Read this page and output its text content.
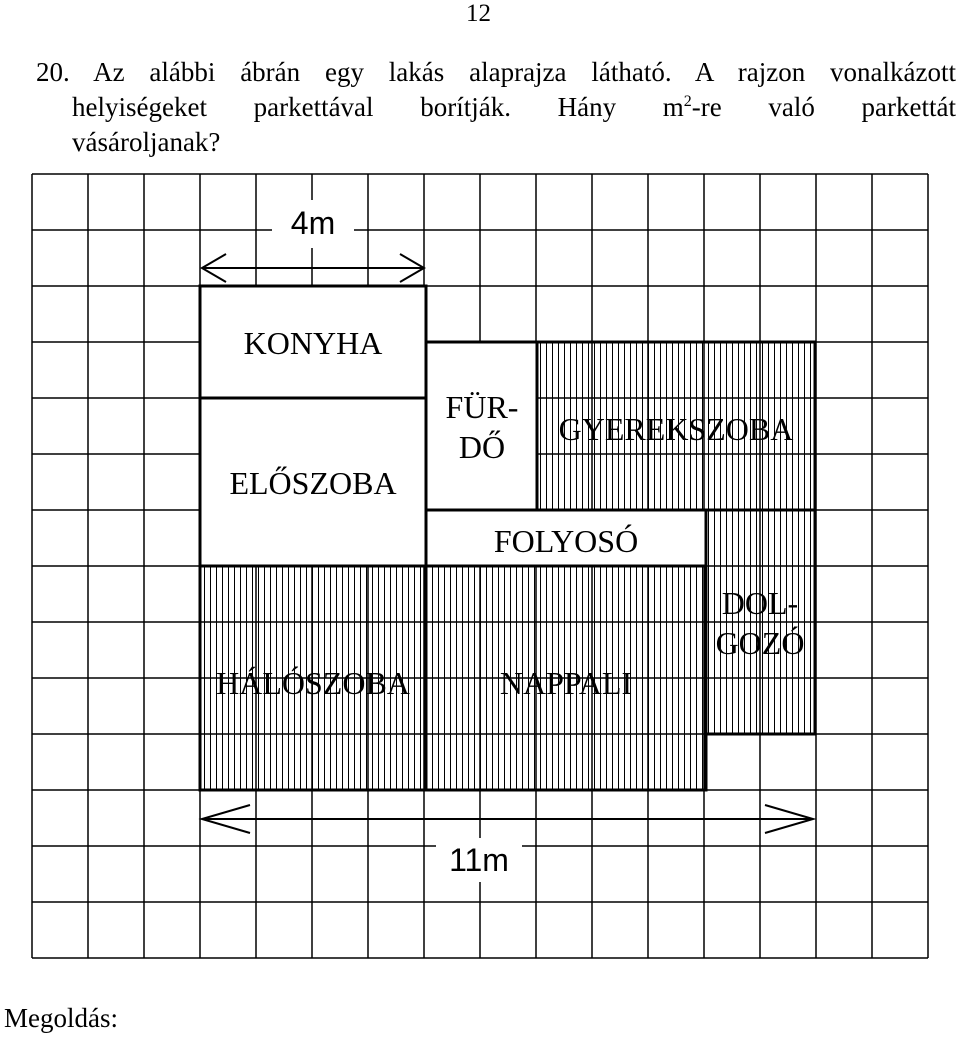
12
20. Az alábbi ábrán egy lakás alaprajza látható. A rajzon vonalkázott
helyiségeket parkettával borítják. Hány $m^2-re$ való parkettát
vásároljanak?
4m
11m
KONYHA
ELŐSZOBA
FÜR-
DŐ GYEREKSZOBA
FOLYOSÓ
HÁLÓSZOBA	NAPPALI
DOL-
GOZÓ
Megoldás:
